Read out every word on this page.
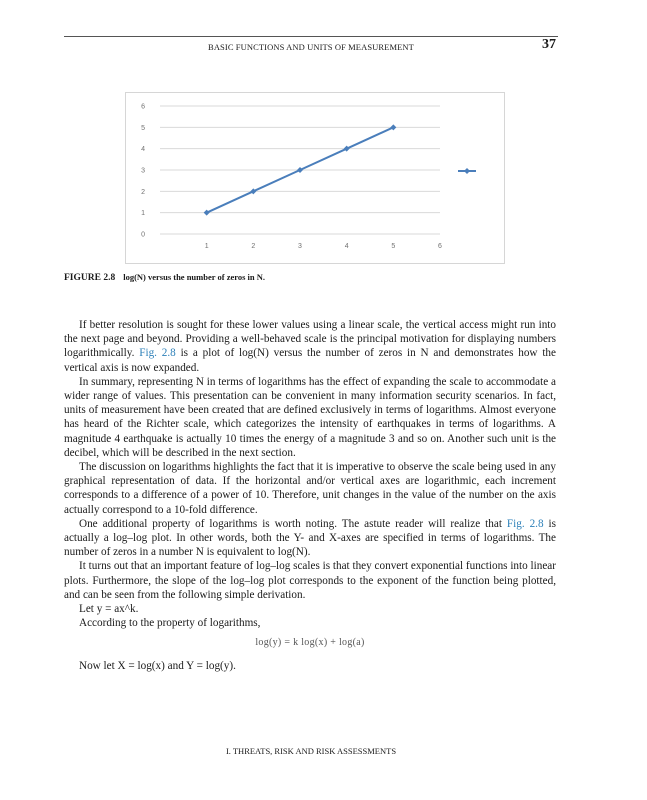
BASIC FUNCTIONS AND UNITS OF MEASUREMENT	37
0
1
2
3
4
5
6
1	2	3	4	5	6
FIGURE 2.8 log(N) versus the number of zeros in N.

If better resolution is sought for these lower values using a linear scale, the vertical access might run into the next page and beyond. Providing a well-behaved scale is the principal motivation for displaying numbers logarithmically. Fig. 2.8 is a plot of log(N) versus the number of zeros in N and demonstrates how the vertical axis is now expanded.

In summary, representing N in terms of logarithms has the effect of expanding the scale to accommodate a wider range of values. This presentation can be convenient in many information security scenarios. In fact, units of measurement have been created that are defined exclusively in terms of logarithms. Almost everyone has heard of the Richter scale, which categorizes the intensity of earthquakes in terms of logarithms. A magnitude 4 earthquake is actually 10 times the energy of a magnitude 3 and so on. Another such unit is the decibel, which will be described in the next section.

The discussion on logarithms highlights the fact that it is imperative to observe the scale being used in any graphical representation of data. If the horizontal and/or vertical axes are logarithmic, each increment corresponds to a difference of a power of 10. Therefore, unit changes in the value of the number on the axis actually correspond to a 10-fold difference.

One additional property of logarithms is worth noting. The astute reader will realize that Fig. 2.8 is actually a log–log plot. In other words, both the Y- and X-axes are specified in terms of logarithms. The number of zeros in a number N is equivalent to log(N).

It turns out that an important feature of log–log scales is that they convert exponential functions into linear plots. Furthermore, the slope of the log–log plot corresponds to the exponent of the function being plotted, and can be seen from the following simple derivation.

Let y = ax^k.

According to the property of logarithms,

log(y) = k log(x) + log(a)

Now let X = log(x) and Y = log(y).

I. THREATS, RISK AND RISK ASSESSMENTS
